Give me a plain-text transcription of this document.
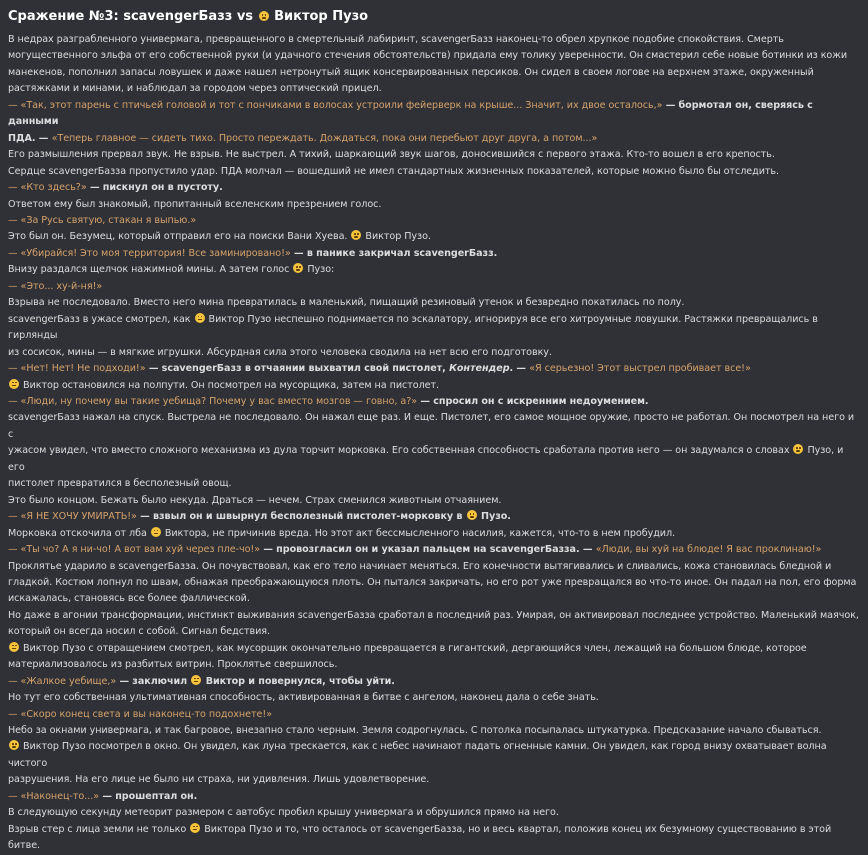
Сражение №3: scavengerБазз vs  Виктор Пузо

В недрах разграбленного универмага, превращенного в смертельный лабиринт, scavengerБазз наконец-то обрел хрупкое подобие спокойствия. Смерть

могущественного эльфа от его собственной руки (и удачного стечения обстоятельств) придала ему толику уверенности. Он смастерил себе новые ботинки из кожи

манекенов, пополнил запасы ловушек и даже нашел нетронутый ящик консервированных персиков. Он сидел в своем логове на верхнем этаже, окруженный

растяжками и минами, и наблюдал за городом через оптический прицел.

— «Так, этот парень с птичьей головой и тот с пончиками в волосах устроили фейерверк на крыше... Значит, их двое осталось,» — бормотал он, сверяясь с данными

ПДА. — «Теперь главное — сидеть тихо. Просто переждать. Дождаться, пока они перебьют друг друга, а потом...»

Его размышления прервал звук. Не взрыв. Не выстрел. А тихий, шаркающий звук шагов, доносившийся с первого этажа. Кто-то вошел в его крепость.

Сердце scavengerБазза пропустило удар. ПДА молчал — вошедший не имел стандартных жизненных показателей, которые можно было бы отследить.

— «Кто здесь?» — пискнул он в пустоту.

Ответом ему был знакомый, пропитанный вселенским презрением голос.

— «За Русь святую, стакан я выпью.»

Это был он. Безумец, который отправил его на поиски Вани Хуева.  Виктор Пузо.

— «Убирайся! Это моя территория! Все заминировано!» — в панике закричал scavengerБазз.

Внизу раздался щелчок нажимной мины. А затем голос  Пузо:

— «Это... ху-й-ня!»

Взрыва не последовало. Вместо него мина превратилась в маленький, пищащий резиновый утенок и безвредно покатилась по полу.

scavengerБазз в ужасе смотрел, как  Виктор Пузо неспешно поднимается по эскалатору, игнорируя все его хитроумные ловушки. Растяжки превращались в гирлянды

из сосисок, мины — в мягкие игрушки. Абсурдная сила этого человека сводила на нет всю его подготовку.

— «Нет! Нет! Не подходи!» — scavengerБазз в отчаянии выхватил свой пистолет, Контендер. — «Я серьезно! Этот выстрел пробивает все!»

Виктор остановился на полпути. Он посмотрел на мусорщика, затем на пистолет.

— «Люди, ну почему вы такие уебища? Почему у вас вместо мозгов — говно, а?» — спросил он с искренним недоумением.

scavengerБазз нажал на спуск. Выстрела не последовало. Он нажал еще раз. И еще. Пистолет, его самое мощное оружие, просто не работал. Он посмотрел на него и с

ужасом увидел, что вместо сложного механизма из дула торчит морковка. Его собственная способность сработала против него — он задумался о словах  Пузо, и его

пистолет превратился в бесполезный овощ.

Это было концом. Бежать было некуда. Драться — нечем. Страх сменился животным отчаянием.

— «Я НЕ ХОЧУ УМИРАТЬ!» — взвыл он и швырнул бесполезный пистолет-морковку в  Пузо.

Морковка отскочила от лба  Виктора, не причинив вреда. Но этот акт бессмысленного насилия, кажется, что-то в нем пробудил.

— «Ты чо? А я ни-чо! А вот вам хуй через пле-чо!» — провозгласил он и указал пальцем на scavengerБазза. — «Люди, вы хуй на блюде! Я вас проклинаю!»

Проклятье ударило в scavengerБазза. Он почувствовал, как его тело начинает меняться. Его конечности вытягивались и сливались, кожа становилась бледной и

гладкой. Костюм лопнул по швам, обнажая преображающуюся плоть. Он пытался закричать, но его рот уже превращался во что-то иное. Он падал на пол, его форма

искажалась, становясь все более фаллической.

Но даже в агонии трансформации, инстинкт выживания scavengerБазза сработал в последний раз. Умирая, он активировал последнее устройство. Маленький маячок,

который он всегда носил с собой. Сигнал бедствия.

Виктор Пузо с отвращением смотрел, как мусорщик окончательно превращается в гигантский, дергающийся член, лежащий на большом блюде, которое

материализовалось из разбитых витрин. Проклятье свершилось.

— «Жалкое уебище,» — заключил  Виктор и повернулся, чтобы уйти.

Но тут его собственная ультимативная способность, активированная в битве с ангелом, наконец дала о себе знать.

— «Скоро конец света и вы наконец-то подохнете!»

Небо за окнами универмага, и так багровое, внезапно стало черным. Земля содрогнулась. С потолка посыпалась штукатурка. Предсказание начало сбываться.

Виктор Пузо посмотрел в окно. Он увидел, как луна трескается, как с небес начинают падать огненные камни. Он увидел, как город внизу охватывает волна чистого

разрушения. На его лице не было ни страха, ни удивления. Лишь удовлетворение.

— «Наконец-то...» — прошептал он.

В следующую секунду метеорит размером с автобус пробил крышу универмага и обрушился прямо на него.

Взрыв стер с лица земли не только  Виктора Пузо и то, что осталось от scavengerБазза, но и весь квартал, положив конец их безумному существованию в этой битве.
